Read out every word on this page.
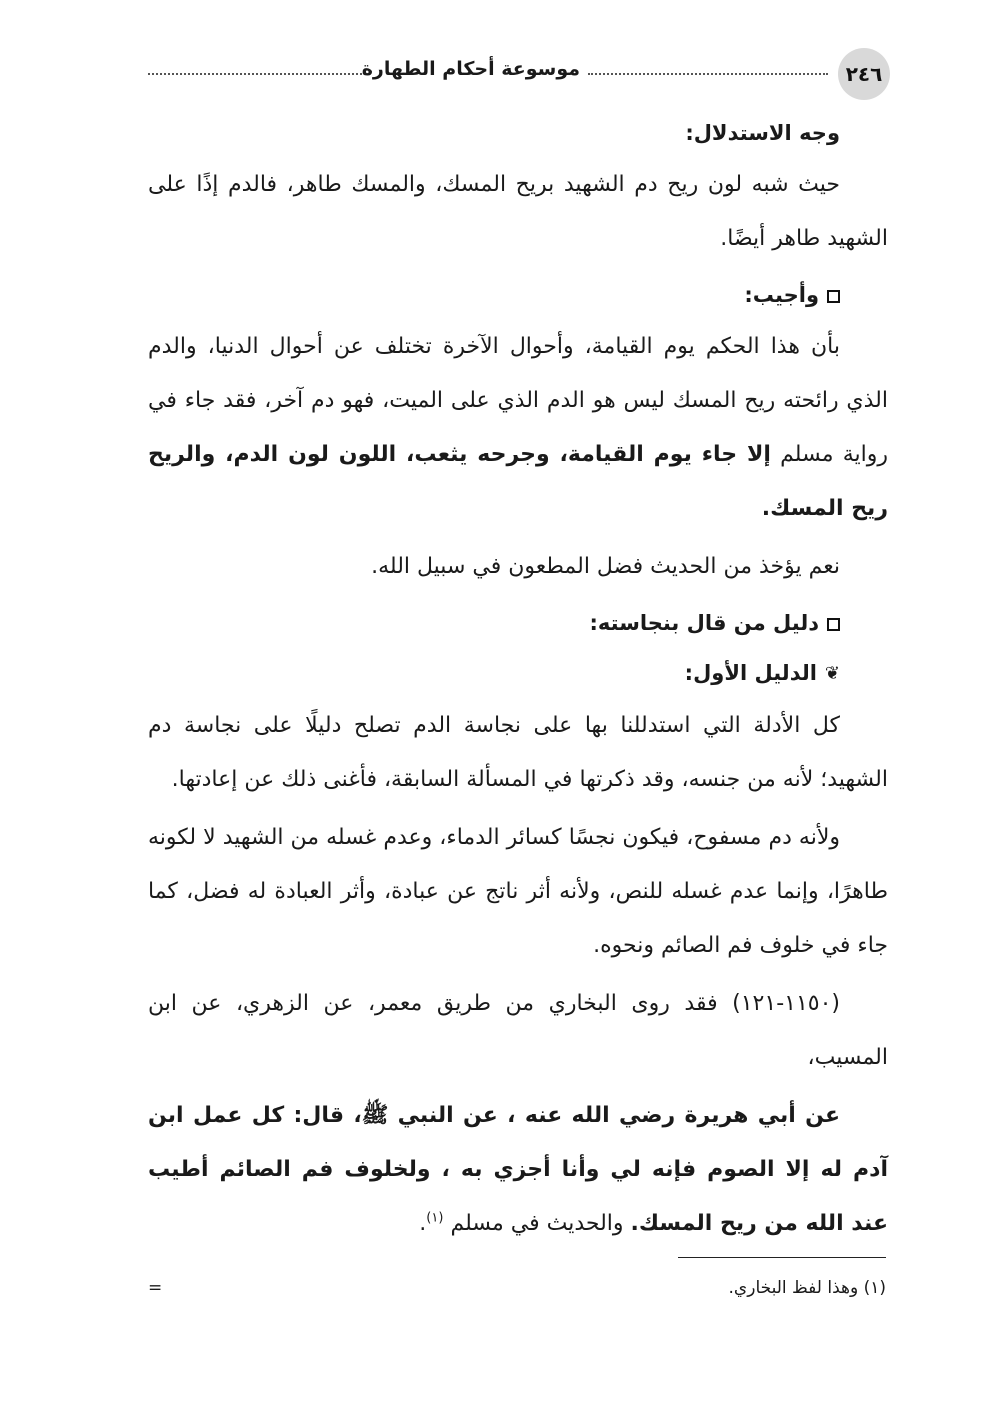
موسوعة أحكام الطهارة	٢٤٦

وجه الاستدلال:

حيث شبه لون ريح دم الشهيد بريح المسك، والمسك طاهر، فالدم إذًا على الشهيد طاهر أيضًا.

وأجيب:

بأن هذا الحكم يوم القيامة، وأحوال الآخرة تختلف عن أحوال الدنيا، والدم الذي رائحته ريح المسك ليس هو الدم الذي على الميت، فهو دم آخر، فقد جاء في رواية مسلم إلا جاء يوم القيامة، وجرحه يثعب، اللون لون الدم، والريح ريح المسك.

نعم يؤخذ من الحديث فضل المطعون في سبيل الله.

دليل من قال بنجاسته:

❦الدليل الأول:

كل الأدلة التي استدللنا بها على نجاسة الدم تصلح دليلًا على نجاسة دم الشهيد؛ لأنه من جنسه، وقد ذكرتها في المسألة السابقة، فأغنى ذلك عن إعادتها.

ولأنه دم مسفوح، فيكون نجسًا كسائر الدماء، وعدم غسله من الشهيد لا لكونه طاهرًا، وإنما عدم غسله للنص، ولأنه أثر ناتج عن عبادة، وأثر العبادة له فضل، كما جاء في خلوف فم الصائم ونحوه.

(١١٥٠-١٢١) فقد روى البخاري من طريق معمر، عن الزهري، عن ابن المسيب،

عن أبي هريرة رضي الله عنه ، عن النبي ﷺ، قال: كل عمل ابن آدم له إلا الصوم فإنه لي وأنا أجزي به ، ولخلوف فم الصائم أطيب عند الله من ريح المسك. والحديث في مسلم $^{(١)}$.

(١) وهذا لفظ البخاري.
=
